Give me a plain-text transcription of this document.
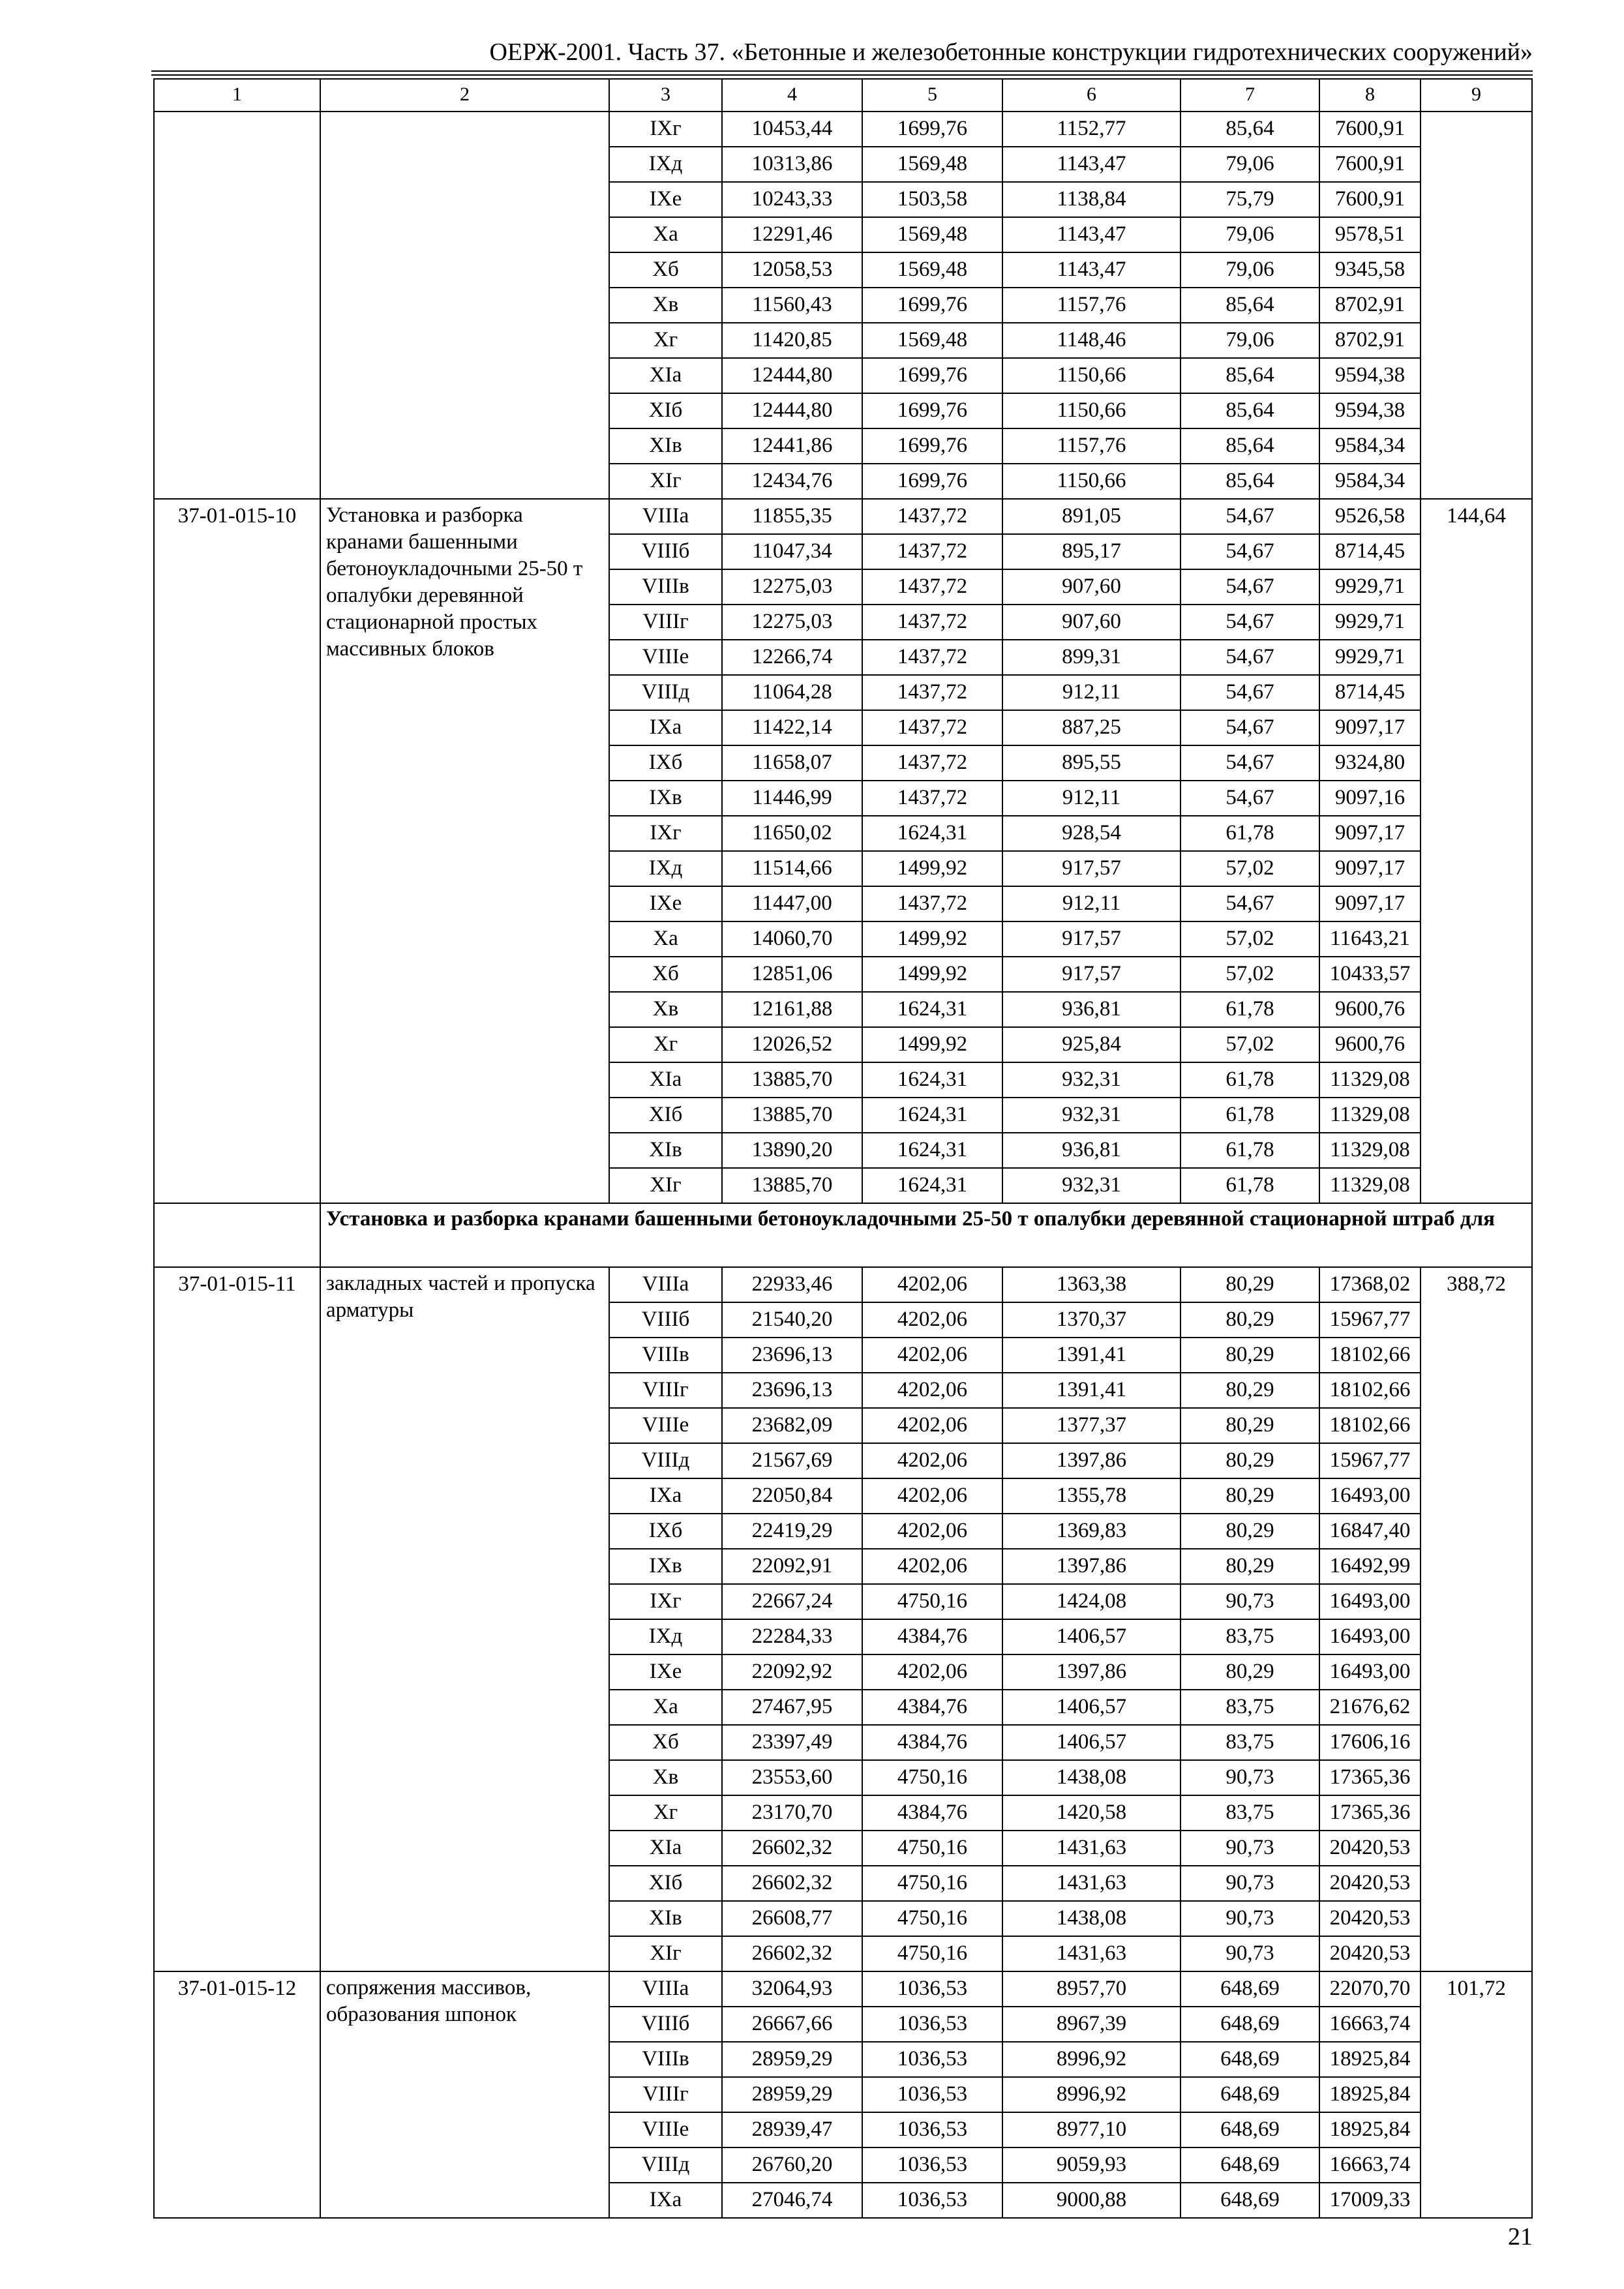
ОЕРЖ-2001. Часть 37. «Бетонные и железобетонные конструкции гидротехнических сооружений»
1	2	3	4	5	6	7	8	9
		IXг	10453,44	1699,76	1152,77	85,64	7600,91	
		IXд	10313,86	1569,48	1143,47	79,06	7600,91	
		IXе	10243,33	1503,58	1138,84	75,79	7600,91	
		Xа	12291,46	1569,48	1143,47	79,06	9578,51	
		Xб	12058,53	1569,48	1143,47	79,06	9345,58	
		Xв	11560,43	1699,76	1157,76	85,64	8702,91	
		Xг	11420,85	1569,48	1148,46	79,06	8702,91	
		XIа	12444,80	1699,76	1150,66	85,64	9594,38	
		XIб	12444,80	1699,76	1150,66	85,64	9594,38	
		XIв	12441,86	1699,76	1157,76	85,64	9584,34	
		XIг	12434,76	1699,76	1150,66	85,64	9584,34	
37-01-015-10	Установка и разборка кранами башенными бетоноукладочными 25-50 т опалубки деревянной стационарной простых массивных блоков	VIIIа	11855,35	1437,72	891,05	54,67	9526,58	144,64
		VIIIб	11047,34	1437,72	895,17	54,67	8714,45	
		VIIIв	12275,03	1437,72	907,60	54,67	9929,71	
		VIIIг	12275,03	1437,72	907,60	54,67	9929,71	
		VIIIе	12266,74	1437,72	899,31	54,67	9929,71	
		VIIIд	11064,28	1437,72	912,11	54,67	8714,45	
		IXа	11422,14	1437,72	887,25	54,67	9097,17	
		IXб	11658,07	1437,72	895,55	54,67	9324,80	
		IXв	11446,99	1437,72	912,11	54,67	9097,16	
		IXг	11650,02	1624,31	928,54	61,78	9097,17	
		IXд	11514,66	1499,92	917,57	57,02	9097,17	
		IXе	11447,00	1437,72	912,11	54,67	9097,17	
		Xа	14060,70	1499,92	917,57	57,02	11643,21	
		Xб	12851,06	1499,92	917,57	57,02	10433,57	
		Xв	12161,88	1624,31	936,81	61,78	9600,76	
		Xг	12026,52	1499,92	925,84	57,02	9600,76	
		XIа	13885,70	1624,31	932,31	61,78	11329,08	
		XIб	13885,70	1624,31	932,31	61,78	11329,08	
		XIв	13890,20	1624,31	936,81	61,78	11329,08	
		XIг	13885,70	1624,31	932,31	61,78	11329,08	
	Установка и разборка кранами башенными бетоноукладочными 25-50 т опалубки деревянной стационарной штраб для							
37-01-015-11	закладных частей и пропуска арматуры	VIIIа	22933,46	4202,06	1363,38	80,29	17368,02	388,72
		VIIIб	21540,20	4202,06	1370,37	80,29	15967,77	
		VIIIв	23696,13	4202,06	1391,41	80,29	18102,66	
		VIIIг	23696,13	4202,06	1391,41	80,29	18102,66	
		VIIIе	23682,09	4202,06	1377,37	80,29	18102,66	
		VIIIд	21567,69	4202,06	1397,86	80,29	15967,77	
		IXа	22050,84	4202,06	1355,78	80,29	16493,00	
		IXб	22419,29	4202,06	1369,83	80,29	16847,40	
		IXв	22092,91	4202,06	1397,86	80,29	16492,99	
		IXг	22667,24	4750,16	1424,08	90,73	16493,00	
		IXд	22284,33	4384,76	1406,57	83,75	16493,00	
		IXе	22092,92	4202,06	1397,86	80,29	16493,00	
		Xа	27467,95	4384,76	1406,57	83,75	21676,62	
		Xб	23397,49	4384,76	1406,57	83,75	17606,16	
		Xв	23553,60	4750,16	1438,08	90,73	17365,36	
		Xг	23170,70	4384,76	1420,58	83,75	17365,36	
		XIа	26602,32	4750,16	1431,63	90,73	20420,53	
		XIб	26602,32	4750,16	1431,63	90,73	20420,53	
		XIв	26608,77	4750,16	1438,08	90,73	20420,53	
		XIг	26602,32	4750,16	1431,63	90,73	20420,53	
37-01-015-12	сопряжения массивов, образования шпонок	VIIIа	32064,93	1036,53	8957,70	648,69	22070,70	101,72
		VIIIб	26667,66	1036,53	8967,39	648,69	16663,74	
		VIIIв	28959,29	1036,53	8996,92	648,69	18925,84	
		VIIIг	28959,29	1036,53	8996,92	648,69	18925,84	
		VIIIе	28939,47	1036,53	8977,10	648,69	18925,84	
		VIIIд	26760,20	1036,53	9059,93	648,69	16663,74	
		IXа	27046,74	1036,53	9000,88	648,69	17009,33	
21
